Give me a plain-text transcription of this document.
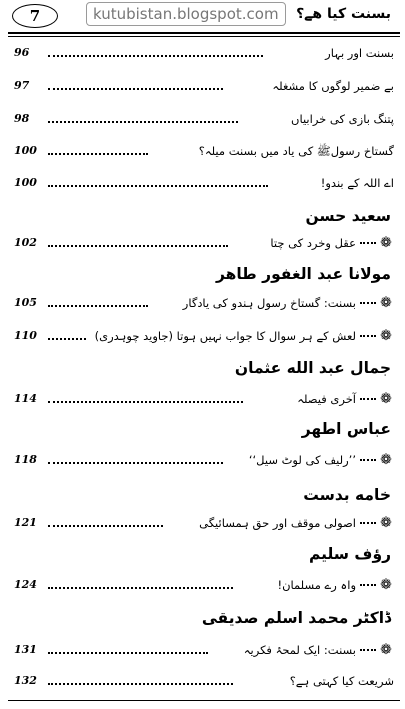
7	kutubistan.blogspot.com	بسنت کیا ھے؟
96	بسنت اور بہار
97	بے ضمیر لوگوں کا مشغلہ
98	پتنگ بازی کی خرابیاں
100	گستاخ رسولﷺ کی یاد میں بسنت میلہ؟
100	اے اللہ کے بندو!
سعید حسن
102	عقل وخرد کی چتا ❁
مولانا عبد الغفور طاھر
105	بسنت: گستاخ رسول ہندو کی یادگار ❁
110	لعش کے ہر سوال کا جواب نہیں ہوتا (جاوید چوہدری) ❁
جمال عبد الله عثمان
114	آخری فیصلہ ❁
عباس اطھر
118	’’رلیف کی لوٹ سیل‘‘ ❁
خامه بدست
121	اصولی موقف اور حق ہمسائیگی ❁
رؤف سليم
124	واہ رے مسلمان! ❁
ڈاکٹر محمد اسلم صدیقی
131	بسنت: ایک لمحۂ فکریہ ❁
132	شریعت کیا کہتی ہے؟
